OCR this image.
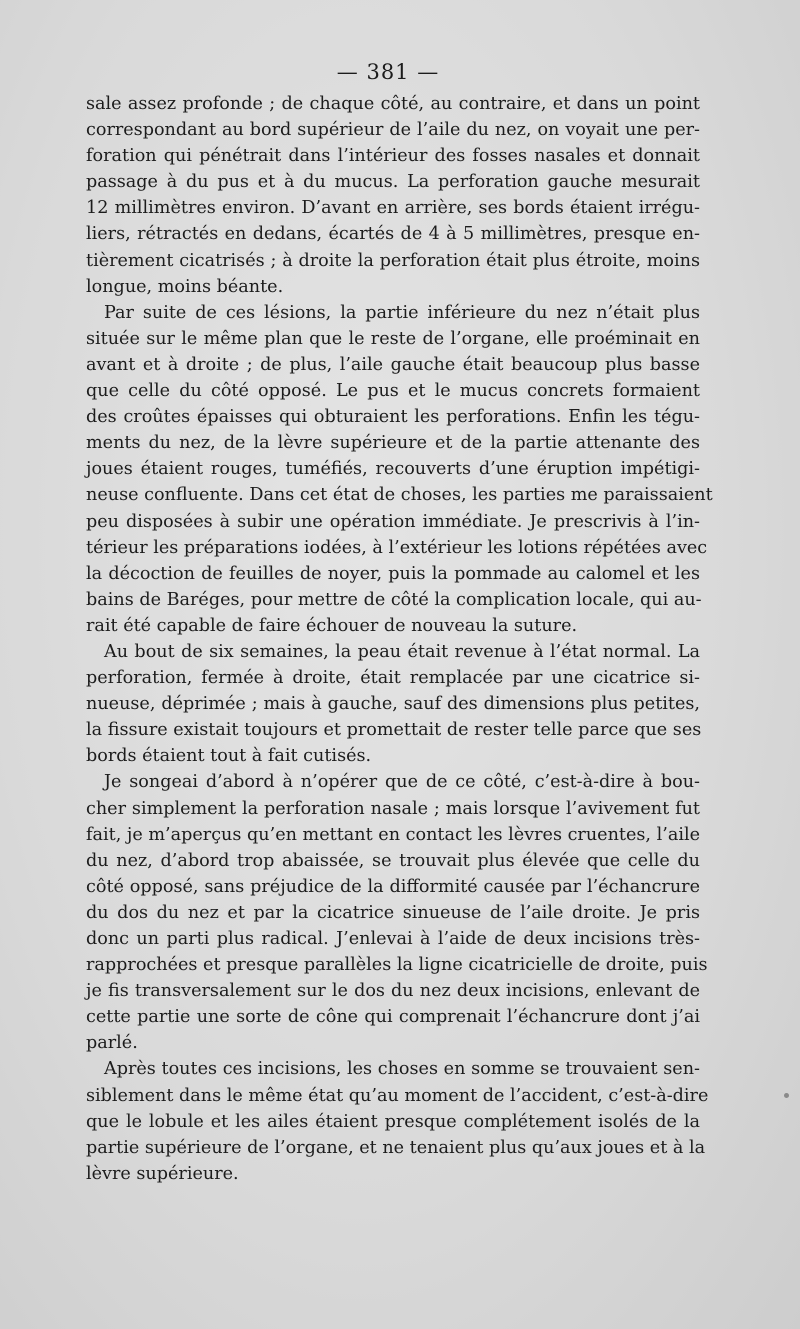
— 381 —
sale assez profonde ; de chaque côté, au contraire, et dans un point
correspondant au bord supérieur de l’aile du nez, on voyait une per-
foration qui pénétrait dans l’intérieur des fosses nasales et donnait
passage à du pus et à du mucus. La perforation gauche mesurait
12 millimètres environ. D’avant en arrière, ses bords étaient irrégu-
liers, rétractés en dedans, écartés de 4 à 5 millimètres, presque en-
tièrement cicatrisés ; à droite la perforation était plus étroite, moins
longue, moins béante.
Par suite de ces lésions, la partie inférieure du nez n’était plus
située sur le même plan que le reste de l’organe, elle proéminait en
avant et à droite ; de plus, l’aile gauche était beaucoup plus basse
que celle du côté opposé. Le pus et le mucus concrets formaient
des croûtes épaisses qui obturaient les perforations. Enfin les tégu-
ments du nez, de la lèvre supérieure et de la partie attenante des
joues étaient rouges, tuméfiés, recouverts d’une éruption impétigi-
neuse confluente. Dans cet état de choses, les parties me paraissaient
peu disposées à subir une opération immédiate. Je prescrivis à l’in-
térieur les préparations iodées, à l’extérieur les lotions répétées avec
la décoction de feuilles de noyer, puis la pommade au calomel et les
bains de Baréges, pour mettre de côté la complication locale, qui au-
rait été capable de faire échouer de nouveau la suture.
Au bout de six semaines, la peau était revenue à l’état normal. La
perforation, fermée à droite, était remplacée par une cicatrice si-
nueuse, déprimée ; mais à gauche, sauf des dimensions plus petites,
la fissure existait toujours et promettait de rester telle parce que ses
bords étaient tout à fait cutisés.
Je songeai d’abord à n’opérer que de ce côté, c’est-à-dire à bou-
cher simplement la perforation nasale ; mais lorsque l’avivement fut
fait, je m’aperçus qu’en mettant en contact les lèvres cruentes, l’aile
du nez, d’abord trop abaissée, se trouvait plus élevée que celle du
côté opposé, sans préjudice de la difformité causée par l’échancrure
du dos du nez et par la cicatrice sinueuse de l’aile droite. Je pris
donc un parti plus radical. J’enlevai à l’aide de deux incisions très-
rapprochées et presque parallèles la ligne cicatricielle de droite, puis
je fis transversalement sur le dos du nez deux incisions, enlevant de
cette partie une sorte de cône qui comprenait l’échancrure dont j’ai
parlé.
Après toutes ces incisions, les choses en somme se trouvaient sen-
siblement dans le même état qu’au moment de l’accident, c’est-à-dire
que le lobule et les ailes étaient presque complétement isolés de la
partie supérieure de l’organe, et ne tenaient plus qu’aux joues et à la
lèvre supérieure.
